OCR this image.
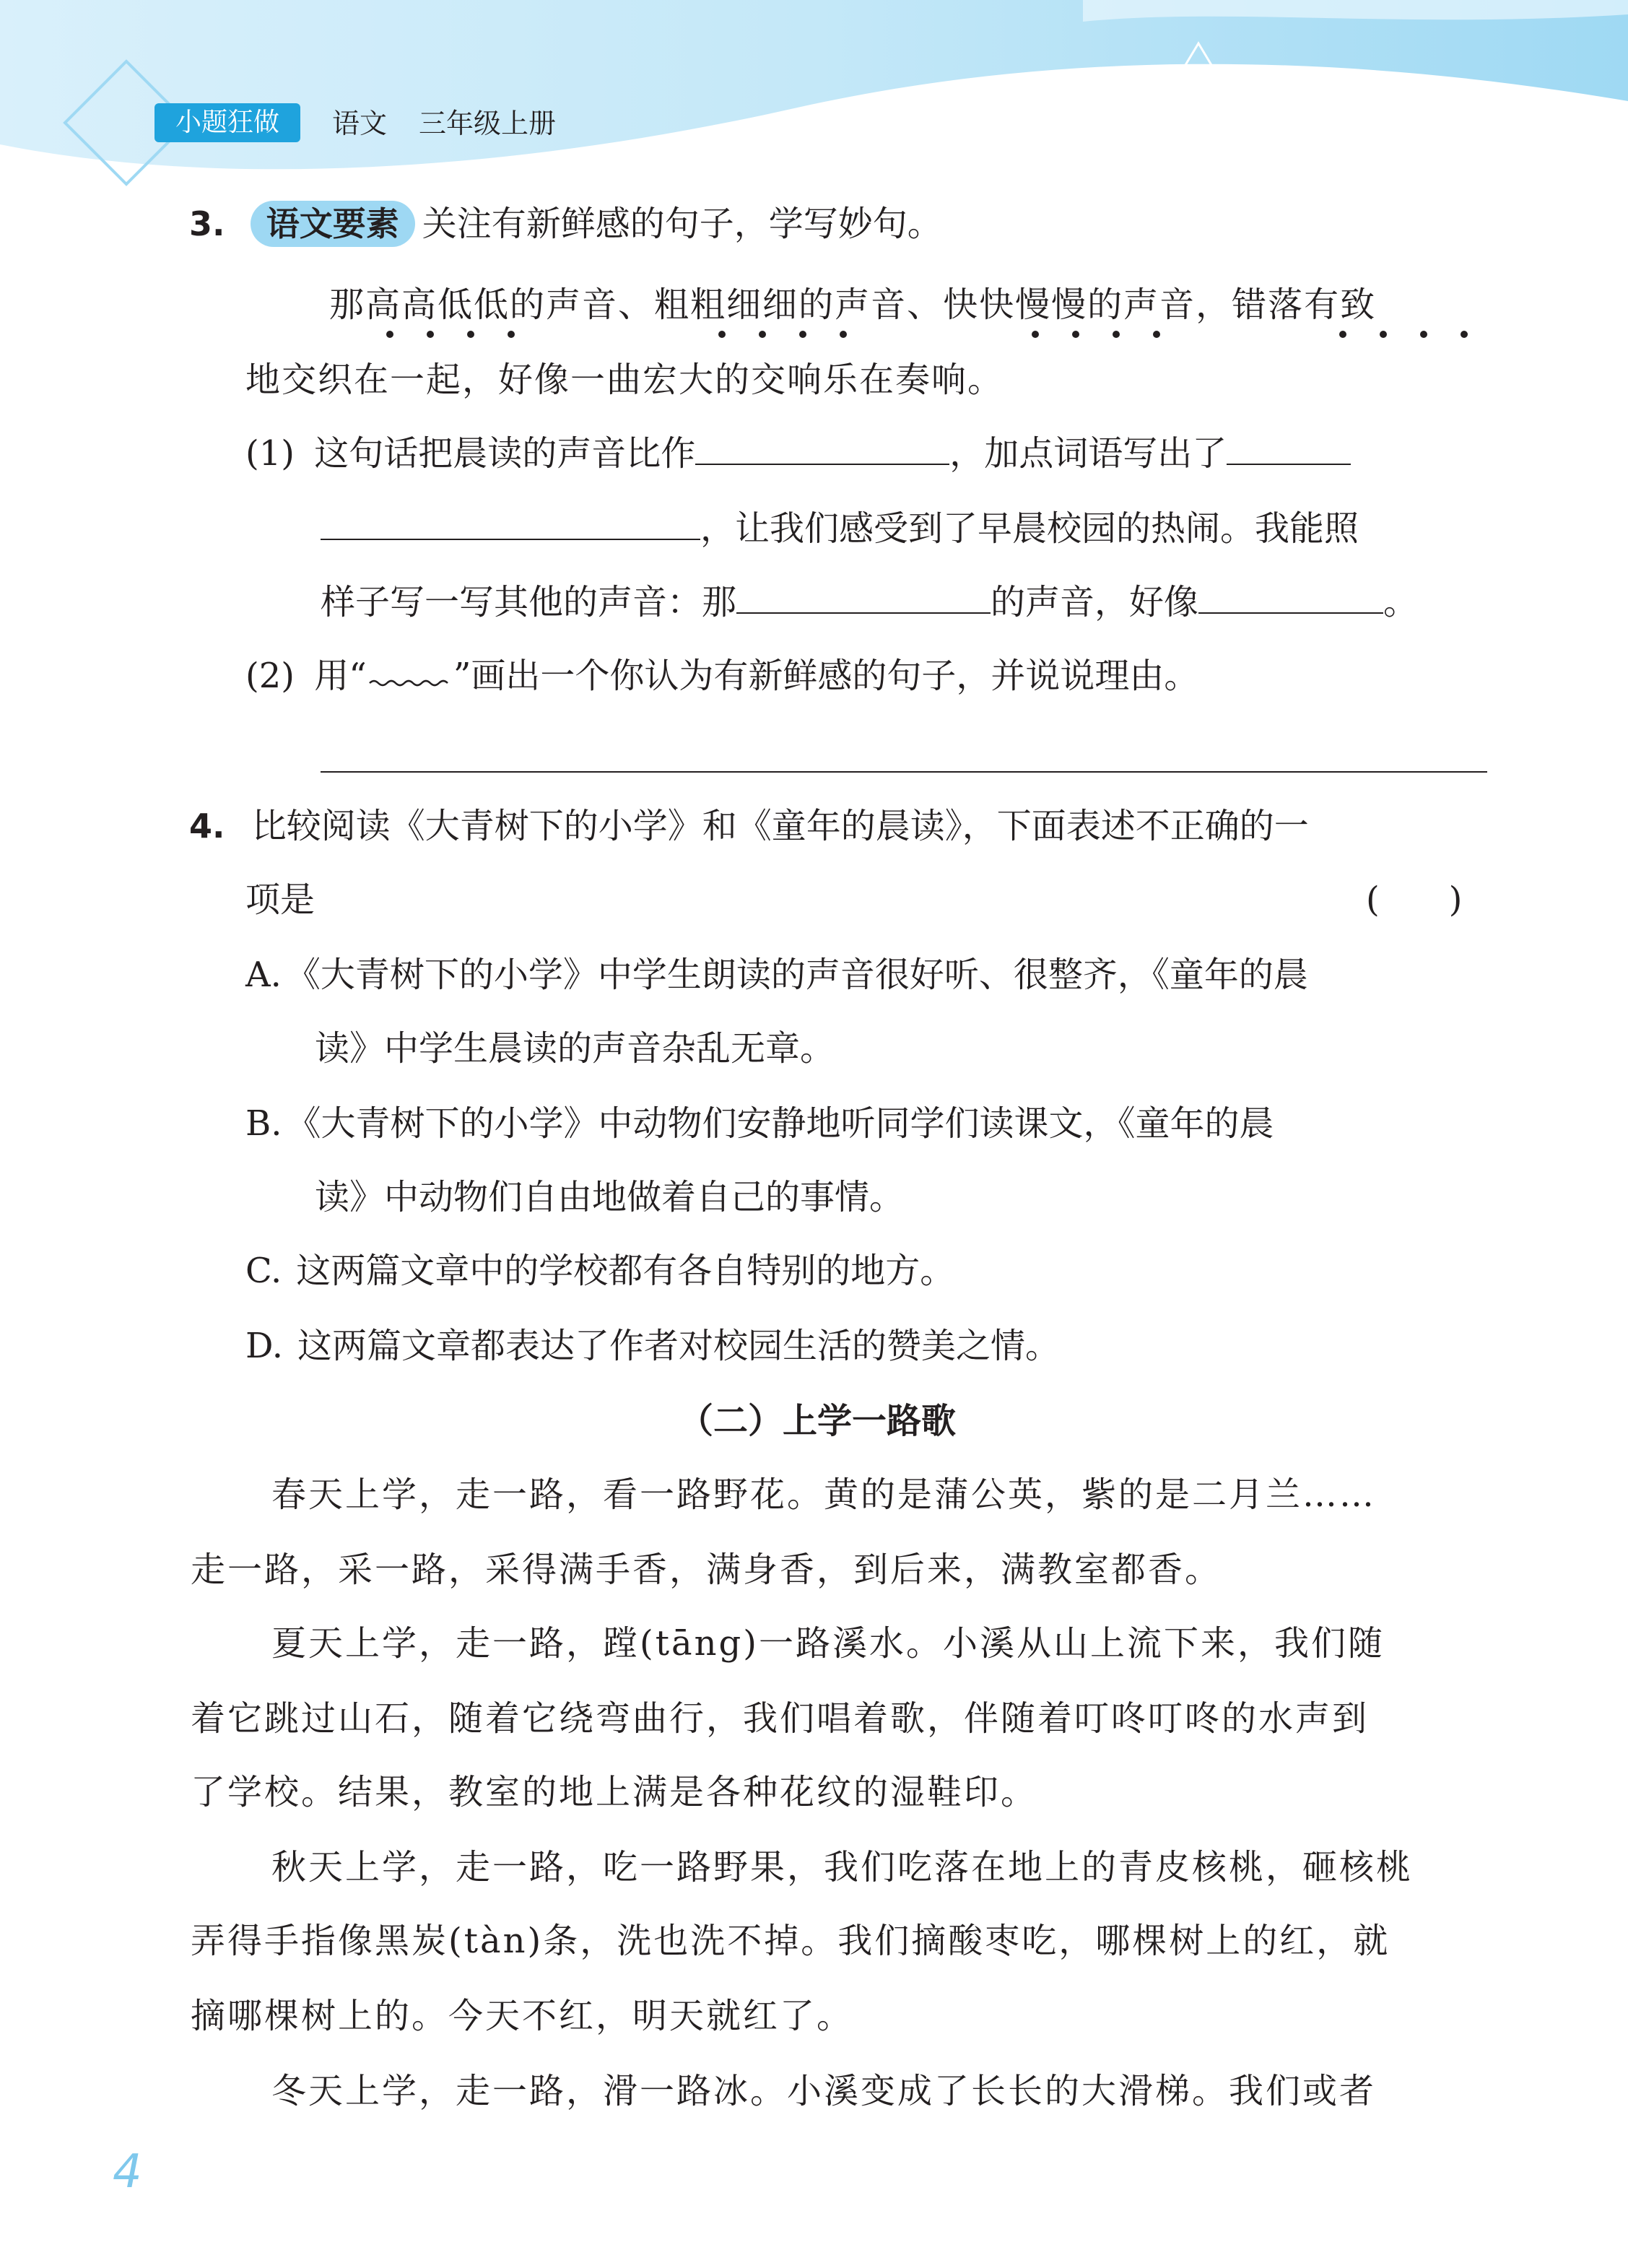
小题狂做	语文 三年级上册
3. 语文要素 关注有新鲜感的句子，学写妙句。
那高高低低的声音、粗粗细细的声音、快快慢慢的声音，错落有致
地交织在一起，好像一曲宏大的交响乐在奏响。
(1) 这句话把晨读的声音比作	，加点词语写出了
，让我们感受到了早晨校园的热闹。我能照
样子写一写其他的声音：那	的声音，好像	。
(2) 用“	”画出一个你认为有新鲜感的句子，并说说理由。
4. 比较阅读《大青树下的小学》和《童年的晨读》，下面表述不正确的一
项是	(　　)
A. 《大青树下的小学》中学生朗读的声音很好听、很整齐，《童年的晨
读》中学生晨读的声音杂乱无章。
B. 《大青树下的小学》中动物们安静地听同学们读课文，《童年的晨
读》中动物们自由地做着自己的事情。
C. 这两篇文章中的学校都有各自特别的地方。
D. 这两篇文章都表达了作者对校园生活的赞美之情。
（二）上学一路歌
春天上学，走一路，看一路野花。黄的是蒲公英，紫的是二月兰……
走一路，采一路，采得满手香，满身香，到后来，满教室都香。
夏天上学，走一路，蹚(tāng)一路溪水。小溪从山上流下来，我们随
着它跳过山石，随着它绕弯曲行，我们唱着歌，伴随着叮咚叮咚的水声到
了学校。结果，教室的地上满是各种花纹的湿鞋印。
秋天上学，走一路，吃一路野果，我们吃落在地上的青皮核桃，砸核桃
弄得手指像黑炭(tàn)条，洗也洗不掉。我们摘酸枣吃，哪棵树上的红，就
摘哪棵树上的。今天不红，明天就红了。
冬天上学，走一路，滑一路冰。小溪变成了长长的大滑梯。我们或者
4
